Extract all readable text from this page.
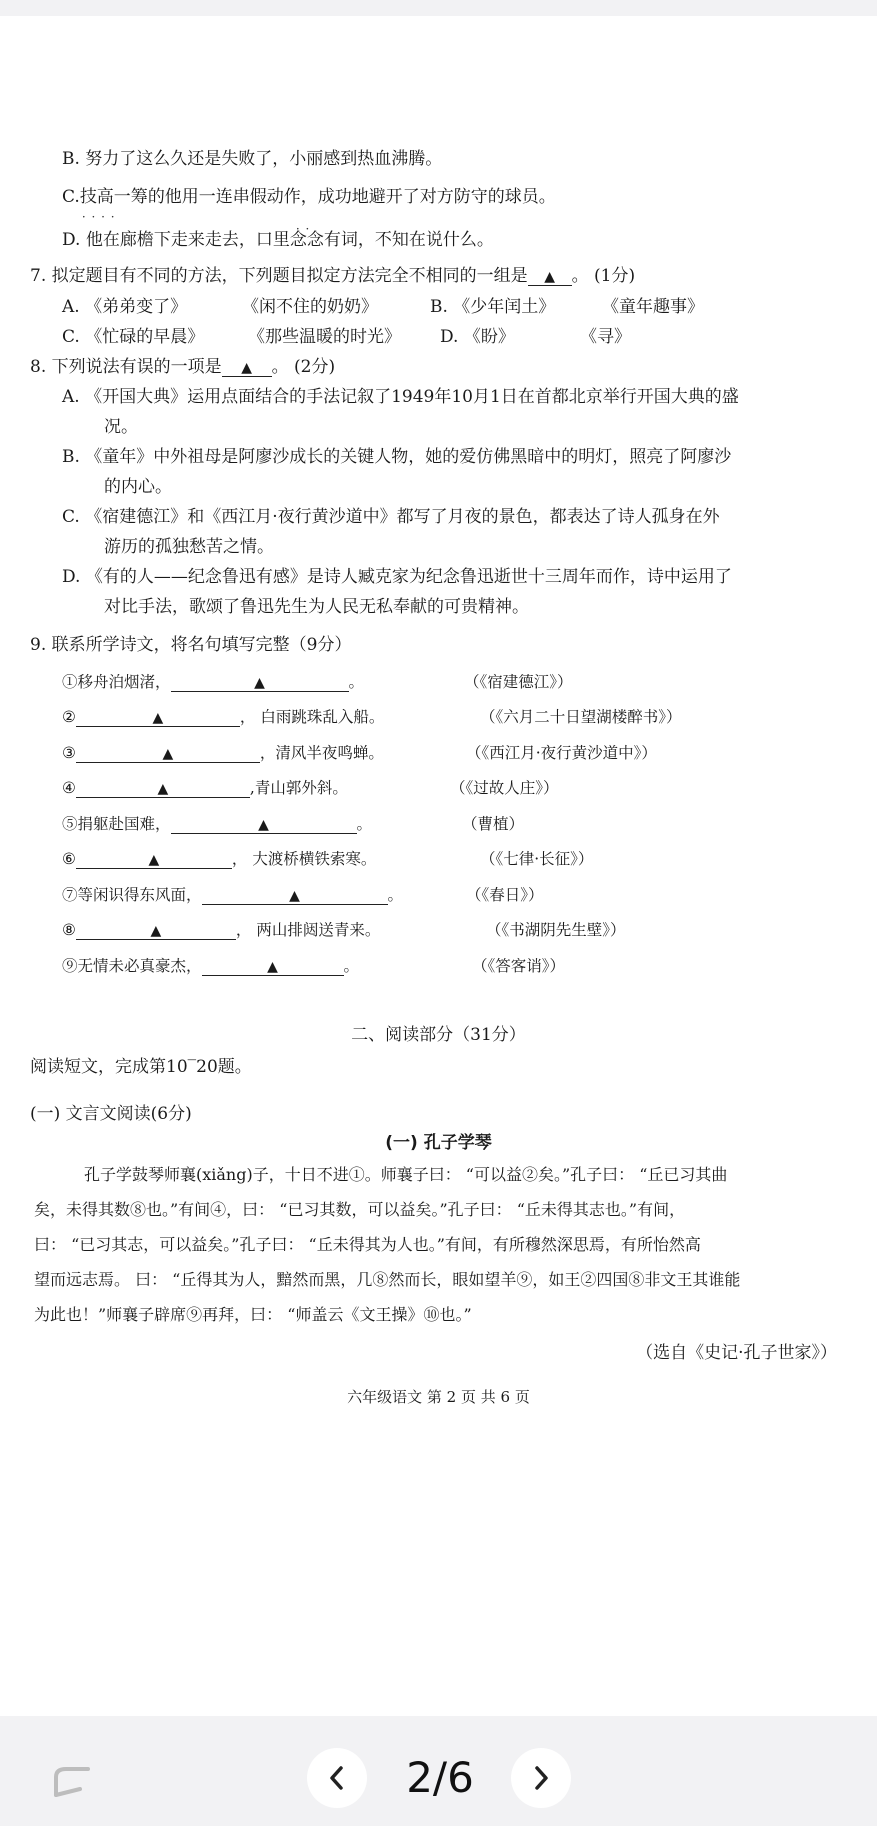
B. 努力了这么久还是失败了，小丽感到热血沸腾。
C.技高一筹 · · · ·的他用一连串假动作，成功地避开了对方防守的球员。
D. 他在廊檐下走来走去，口里念念有词 · ·，不知在说什么。
7. 拟定题目有不同的方法，下列题目拟定方法完全不相同的一组是 ▲ 。 (1分)
A. 《弟弟变了》	《闲不住的奶奶》	B. 《少年闰土》	《童年趣事》
C. 《忙碌的早晨》	《那些温暖的时光》 D. 《盼》	《寻》
8. 下列说法有误的一项是 ▲ 。 (2分)
A. 《开国大典》运用点面结合的手法记叙了1949年10月1日在首都北京举行开国大典的盛
况。
B. 《童年》中外祖母是阿廖沙成长的关键人物，她的爱仿佛黑暗中的明灯，照亮了阿廖沙
的内心。
C. 《宿建德江》和《西江月·夜行黄沙道中》都写了月夜的景色，都表达了诗人孤身在外
游历的孤独愁苦之情。
D. 《有的人——纪念鲁迅有感》是诗人臧克家为纪念鲁迅逝世十三周年而作，诗中运用了
对比手法，歌颂了鲁迅先生为人民无私奉献的可贵精神。
9. 联系所学诗文，将名句填写完整（9分）
①移舟泊烟渚，	▲	。	（《宿建德江》）
②	▲	， 白雨跳珠乱入船。	（《六月二十日望湖楼醉书》）
③	▲	，清风半夜鸣蝉。	（《西江月·夜行黄沙道中》）
④	▲	,青山郭外斜。	（《过故人庄》）
⑤捐躯赴国难，	▲	。	（曹植）
⑥	▲	， 大渡桥横铁索寒。	（《七律·长征》）
⑦等闲识得东风面，	▲	。	（《春日》）
⑧	▲	， 两山排闼送青来。	（《书湖阴先生壁》）
⑨无情未必真豪杰，	▲	。	（《答客诮》）
二、阅读部分（31分）
阅读短文，完成第10‾20题。
(一) 文言文阅读(6分)
(一) 孔子学琴
孔子学鼓琴师襄(xiǎng)子，十日不进①。师襄子曰： “可以益②矣。”孔子曰： “丘已习其曲
矣，未得其数⑧也。”有间④，曰： “已习其数，可以益矣。”孔子曰： “丘未得其志也。”有间，
曰： “已习其志，可以益矣。”孔子曰： “丘未得其为人也。”有间，有所穆然深思焉，有所怡然高
望而远志焉。 曰： “丘得其为人，黯然而黑，几⑧然而长，眼如望羊⑨，如王②四国⑧非文王其谁能
为此也！”师襄子辟席⑨再拜，曰： “师盖云《文王操》⑩也。”
（选自《史记·孔子世家》）
六年级语文 第 2 页 共 6 页
2/6
